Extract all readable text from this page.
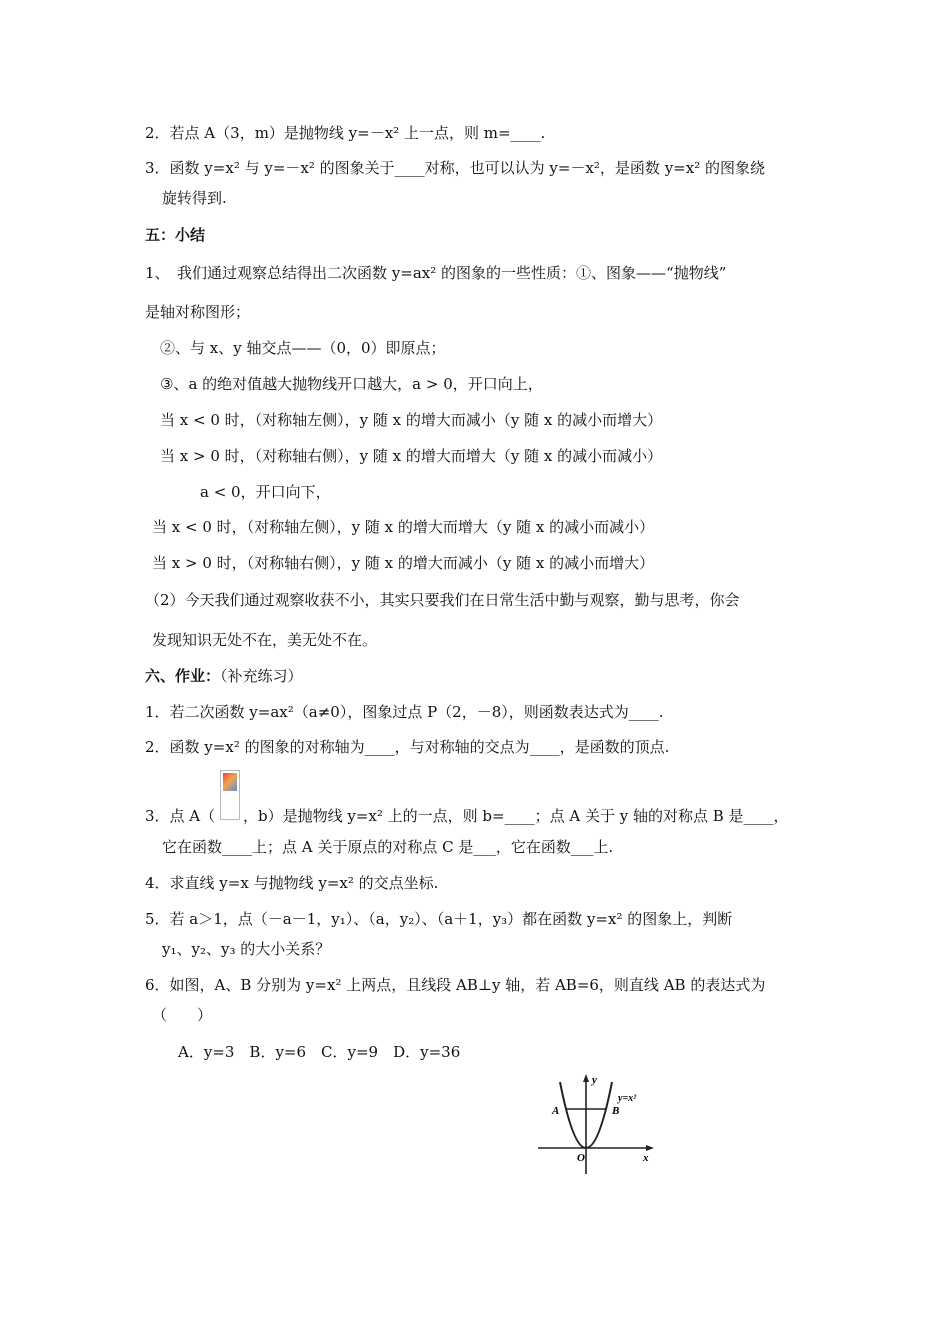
2．若点 A（3，m）是抛物线 y=－x² 上一点，则 m=____.
3．函数 y=x² 与 y=－x² 的图象关于____对称，也可以认为 y=－x²，是函数 y=x² 的图象绕
旋转得到.
五：小结
1、　我们通过观察总结得出二次函数 y=ax² 的图象的一些性质：①、图象——“抛物线”
是轴对称图形；
②、与 x、y 轴交点——（0，0）即原点；
③、a 的绝对值越大抛物线开口越大，a > 0，开口向上，
当 x < 0 时，（对称轴左侧），y 随 x 的增大而减小（y 随 x 的减小而增大）
当 x > 0 时，（对称轴右侧），y 随 x 的增大而增大（y 随 x 的减小而减小）
a < 0，开口向下，
当 x < 0 时，（对称轴左侧），y 随 x 的增大而增大（y 随 x 的减小而减小）
当 x > 0 时，（对称轴右侧），y 随 x 的增大而减小（y 随 x 的减小而增大）
（2）今天我们通过观察收获不小，其实只要我们在日常生活中勤与观察，勤与思考，你会
发现知识无处不在，美无处不在。
六、作业：（补充练习）
1．若二次函数 y=ax²（a≠0），图象过点 P（2，－8），则函数表达式为____.
2．函数 y=x² 的图象的对称轴为____，与对称轴的交点为____，是函数的顶点.
3．点 A（ ，b）是抛物线 y=x² 上的一点，则 b=____；点 A 关于 y 轴的对称点 B 是____，
它在函数____上；点 A 关于原点的对称点 C 是___，它在函数___上.
4．求直线 y=x 与抛物线 y=x² 的交点坐标.
5．若 a＞1，点（－a－1，y₁）、（a，y₂）、（a＋1，y₃）都在函数 y=x² 的图象上，判断
y₁、y₂、y₃ 的大小关系？
6．如图，A、B 分别为 y=x² 上两点，且线段 AB⊥y 轴，若 AB=6，则直线 AB 的表达式为
（　　）
A．y=3　B．y=6　C．y=9　D．y=36
y
x
O
y=x²
A	B
